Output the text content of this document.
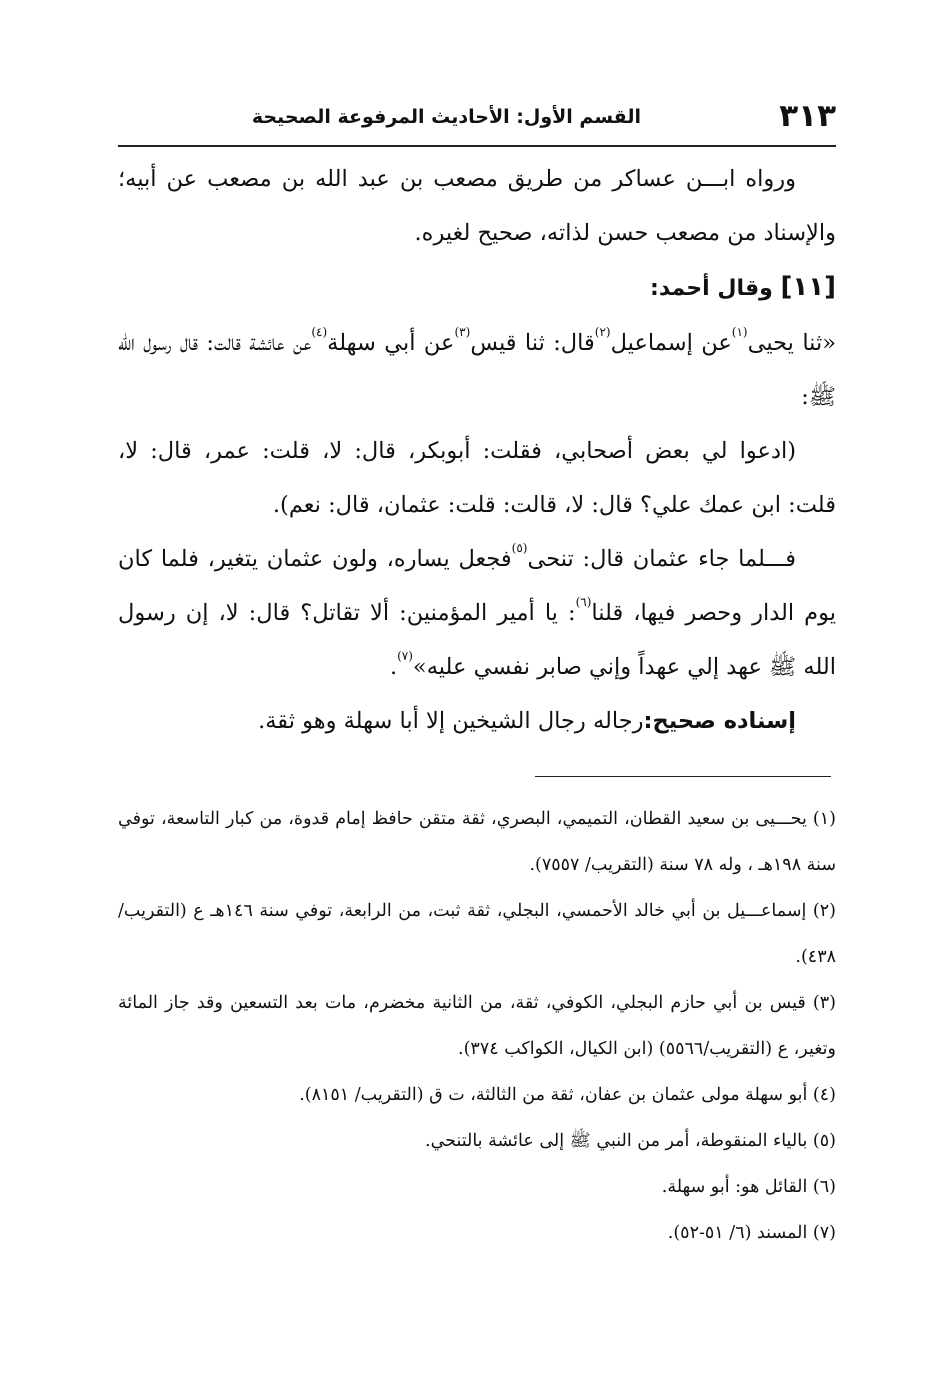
٣١٣
القسم الأول: الأحاديث المرفوعة الصحيحة

ورواه ابـــن عساكر من طريق مصعب بن عبد الله بن مصعب عن أبيه؛ والإسناد من مصعب حسن لذاته، صحيح لغيره.

[١١] وقال أحمد:

«ثنا يحيى$^{(١)}$عن إسماعيل$^{(٢)}$قال: ثنا قيس$^{(٣)}$عن أبي سهلة$^{(٤)}$عن عائشة قالت: قال رسول الله ﷺ:

(ادعوا لي بعض أصحابي، فقلت: أبوبكر، قال: لا، قلت: عمر، قال: لا، قلت: ابن عمك علي؟ قال: لا، قالت: قلت: عثمان، قال: نعم).

فـــلما جاء عثمان قال: تنحى$^{(٥)}$فجعل يساره، ولون عثمان يتغير، فلما كان يوم الدار وحصر فيها، قلنا$^{(٦)}$: يا أمير المؤمنين: ألا تقاتل؟ قال: لا، إن رسول الله ﷺ عهد إلي عهداً وإني صابر نفسي عليه»$^{(٧)}$.

إسناده صحيح:رجاله رجال الشيخين إلا أبا سهلة وهو ثقة.

(١) يحـــيى بن سعيد القطان، التميمي، البصري، ثقة متقن حافظ إمام قدوة، من كبار التاسعة، توفي سنة ١٩٨هـ ، وله ٧٨ سنة (التقريب/ ٧٥٥٧).

(٢) إسماعـــيل بن أبي خالد الأحمسي، البجلي، ثقة ثبت، من الرابعة، توفي سنة ١٤٦هـ ع (التقريب/٤٣٨).

(٣) قيس بن أبي حازم البجلي، الكوفي، ثقة، من الثانية مخضرم، مات بعد التسعين وقد جاز المائة وتغير، ع (التقريب/٥٥٦٦) (ابن الكيال، الكواكب ٣٧٤).

(٤) أبو سهلة مولى عثمان بن عفان، ثقة من الثالثة، ت ق (التقريب/ ٨١٥١).

(٥) بالياء المنقوطة، أمر من النبي ﷺ إلى عائشة بالتنحي.

(٦) القائل هو: أبو سهلة.

(٧) المسند (٦/ ٥١-٥٢).
